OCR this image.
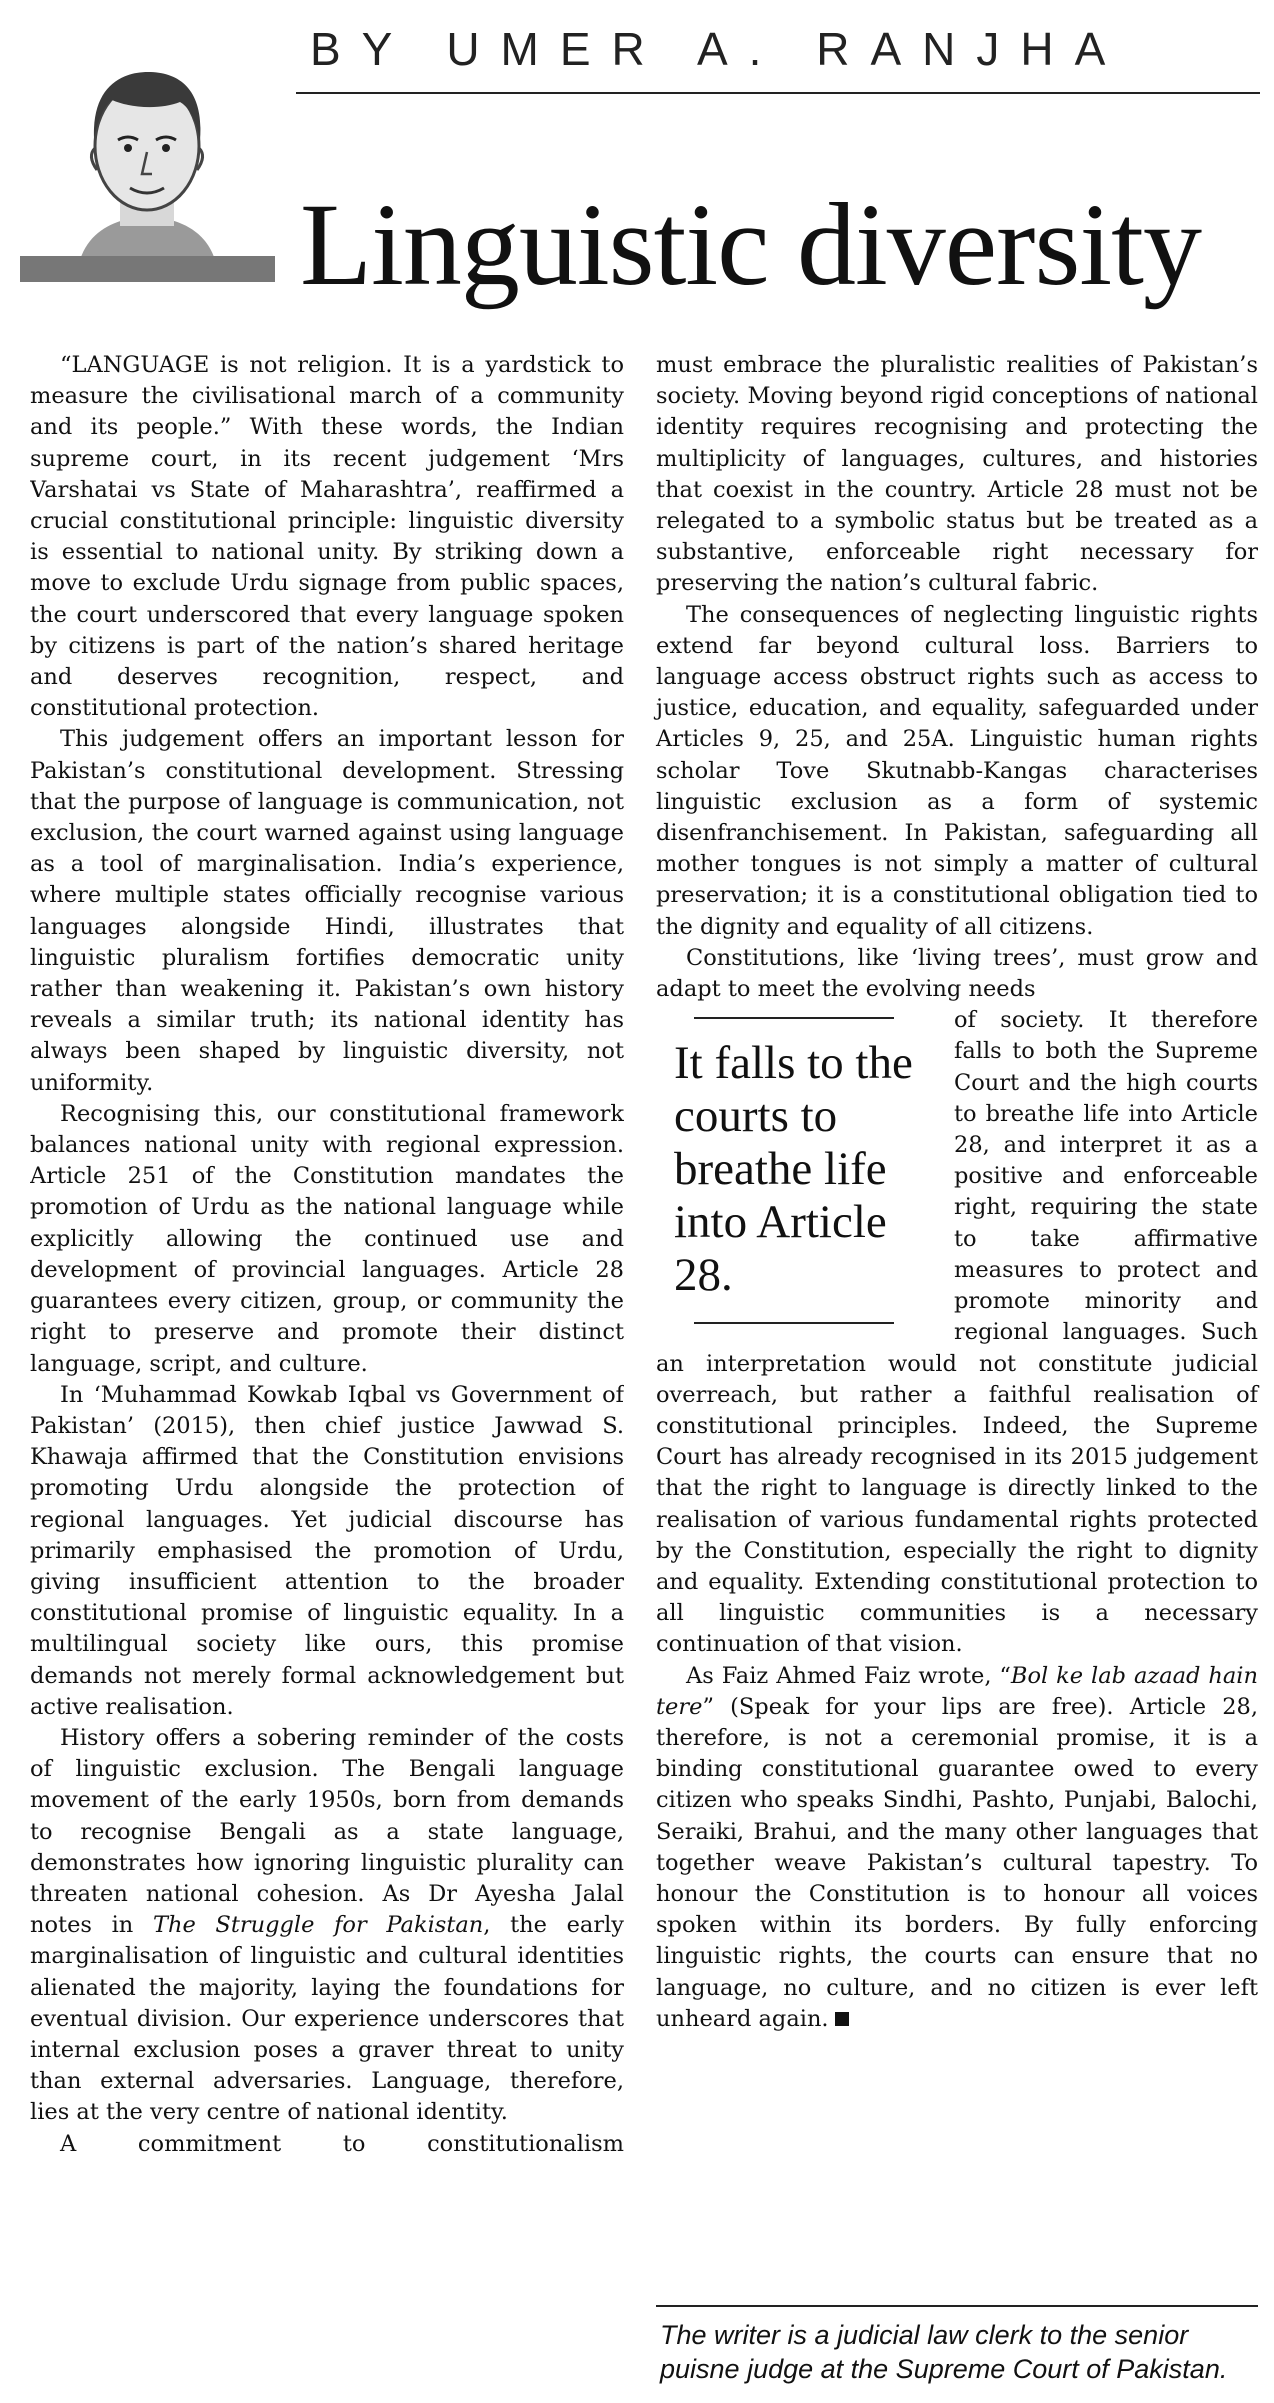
BY UMER A. RANJHA
Linguistic diversity

“LANGUAGE is not religion. It is a yardstick to measure the civilisational march of a community and its people.” With these words, the Indian supreme court, in its recent judgement ‘Mrs Varshatai vs State of Maharashtra’, reaffirmed a crucial constitutional principle: linguistic diversity is essential to national unity. By striking down a move to exclude Urdu signage from public spaces, the court underscored that every language spoken by citizens is part of the nation’s shared heritage and deserves recognition, respect, and constitutional protection.

This judgement offers an important lesson for Pakistan’s constitutional development. Stressing that the purpose of language is communication, not exclusion, the court warned against using language as a tool of marginalisation. India’s experience, where multiple states officially recognise various languages alongside Hindi, illustrates that linguistic pluralism fortifies democratic unity rather than weakening it. Pakistan’s own history reveals a similar truth; its national identity has always been shaped by linguistic diversity, not uniformity.

Recognising this, our constitutional framework balances national unity with regional expression. Article 251 of the Constitution mandates the promotion of Urdu as the national language while explicitly allowing the continued use and development of provincial languages. Article 28 guarantees every citizen, group, or community the right to preserve and promote their distinct language, script, and culture.

In ‘Muhammad Kowkab Iqbal vs Government of Pakistan’ (2015), then chief justice Jawwad S. Khawaja affirmed that the Constitution envisions promoting Urdu alongside the protection of regional languages. Yet judicial discourse has primarily emphasised the promotion of Urdu, giving insufficient attention to the broader constitutional promise of linguistic equality. In a multilingual society like ours, this promise demands not merely formal acknowledgement but active realisation.

History offers a sobering reminder of the costs of linguistic exclusion. The Bengali language movement of the early 1950s, born from demands to recognise Bengali as a state language, demonstrates how ignoring linguistic plurality can threaten national cohesion. As Dr Ayesha Jalal notes in The Struggle for Pakistan, the early marginalisation of linguistic and cultural identities alienated the majority, laying the foundations for eventual division. Our experience underscores that internal exclusion poses a graver threat to unity than external adversaries. Language, therefore, lies at the very centre of national identity.

A commitment to constitutionalism

must embrace the pluralistic realities of Pakistan’s society. Moving beyond rigid conceptions of national identity requires recognising and protecting the multiplicity of languages, cultures, and histories that coexist in the country. Article 28 must not be relegated to a symbolic status but be treated as a substantive, enforceable right necessary for preserving the nation’s cultural fabric.

The consequences of neglecting linguistic rights extend far beyond cultural loss. Barriers to language access obstruct rights such as access to justice, education, and equality, safeguarded under Articles 9, 25, and 25A. Linguistic human rights scholar Tove Skutnabb-Kangas characterises linguistic exclusion as a form of systemic disenfranchisement. In Pakistan, safeguarding all mother tongues is not simply a matter of cultural preservation; it is a constitutional obligation tied to the dignity and equality of all citizens.

Constitutions, like ‘living trees’, must grow and adapt to meet the evolving needs

It falls to the courts to breathe life into Article 28.

of society. It therefore falls to both the Supreme Court and the high courts to breathe life into Article 28, and interpret it as a positive and enforceable right, requiring the state to take affirmative measures to protect and promote minority and regional languages. Such an interpretation would not constitute judicial overreach, but rather a faithful realisation of constitutional principles. Indeed, the Supreme Court has already recognised in its 2015 judgement that the right to language is directly linked to the realisation of various fundamental rights protected by the Constitution, especially the right to dignity and equality. Extending constitutional protection to all linguistic communities is a necessary continuation of that vision.

As Faiz Ahmed Faiz wrote, “Bol ke lab azaad hain tere” (Speak for your lips are free). Article 28, therefore, is not a ceremonial promise, it is a binding constitutional guarantee owed to every citizen who speaks Sindhi, Pashto, Punjabi, Balochi, Seraiki, Brahui, and the many other languages that together weave Pakistan’s cultural tapestry. To honour the Constitution is to honour all voices spoken within its borders. By fully enforcing linguistic rights, the courts can ensure that no language, no culture, and no citizen is ever left unheard again.

The writer is a judicial law clerk to the senior puisne judge at the Supreme Court of Pakistan.
